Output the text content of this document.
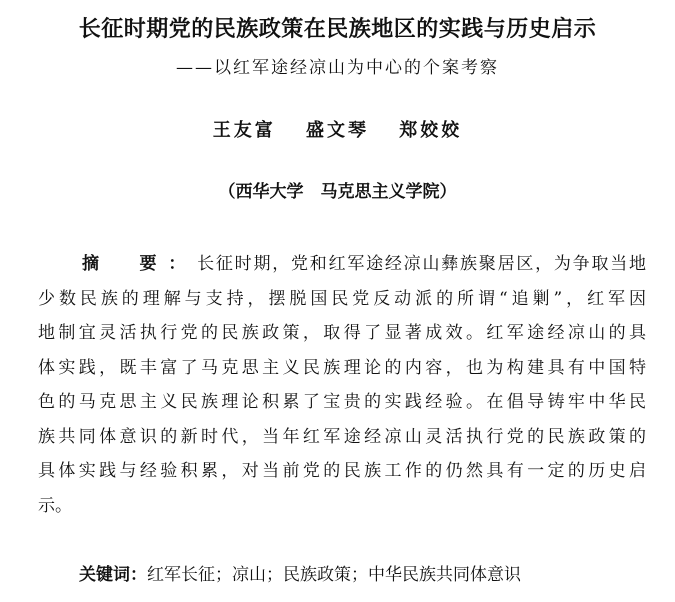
长征时期党的民族政策在民族地区的实践与历史启示
——以红军途经凉山为中心的个案考察
王友富 盛文琴 郑姣姣
（西华大学　马克思主义学院）
摘　要：长征时期，党和红军途经凉山彝族聚居区，为争取当地
少数民族的理解与支持，摆脱国民党反动派的所谓“追剿”，红军因
地制宜灵活执行党的民族政策，取得了显著成效。红军途经凉山的具
体实践，既丰富了马克思主义民族理论的内容，也为构建具有中国特
色的马克思主义民族理论积累了宝贵的实践经验。在倡导铸牢中华民
族共同体意识的新时代，当年红军途经凉山灵活执行党的民族政策的
具体实践与经验积累，对当前党的民族工作的仍然具有一定的历史启
示。
关键词：红军长征；凉山；民族政策；中华民族共同体意识
